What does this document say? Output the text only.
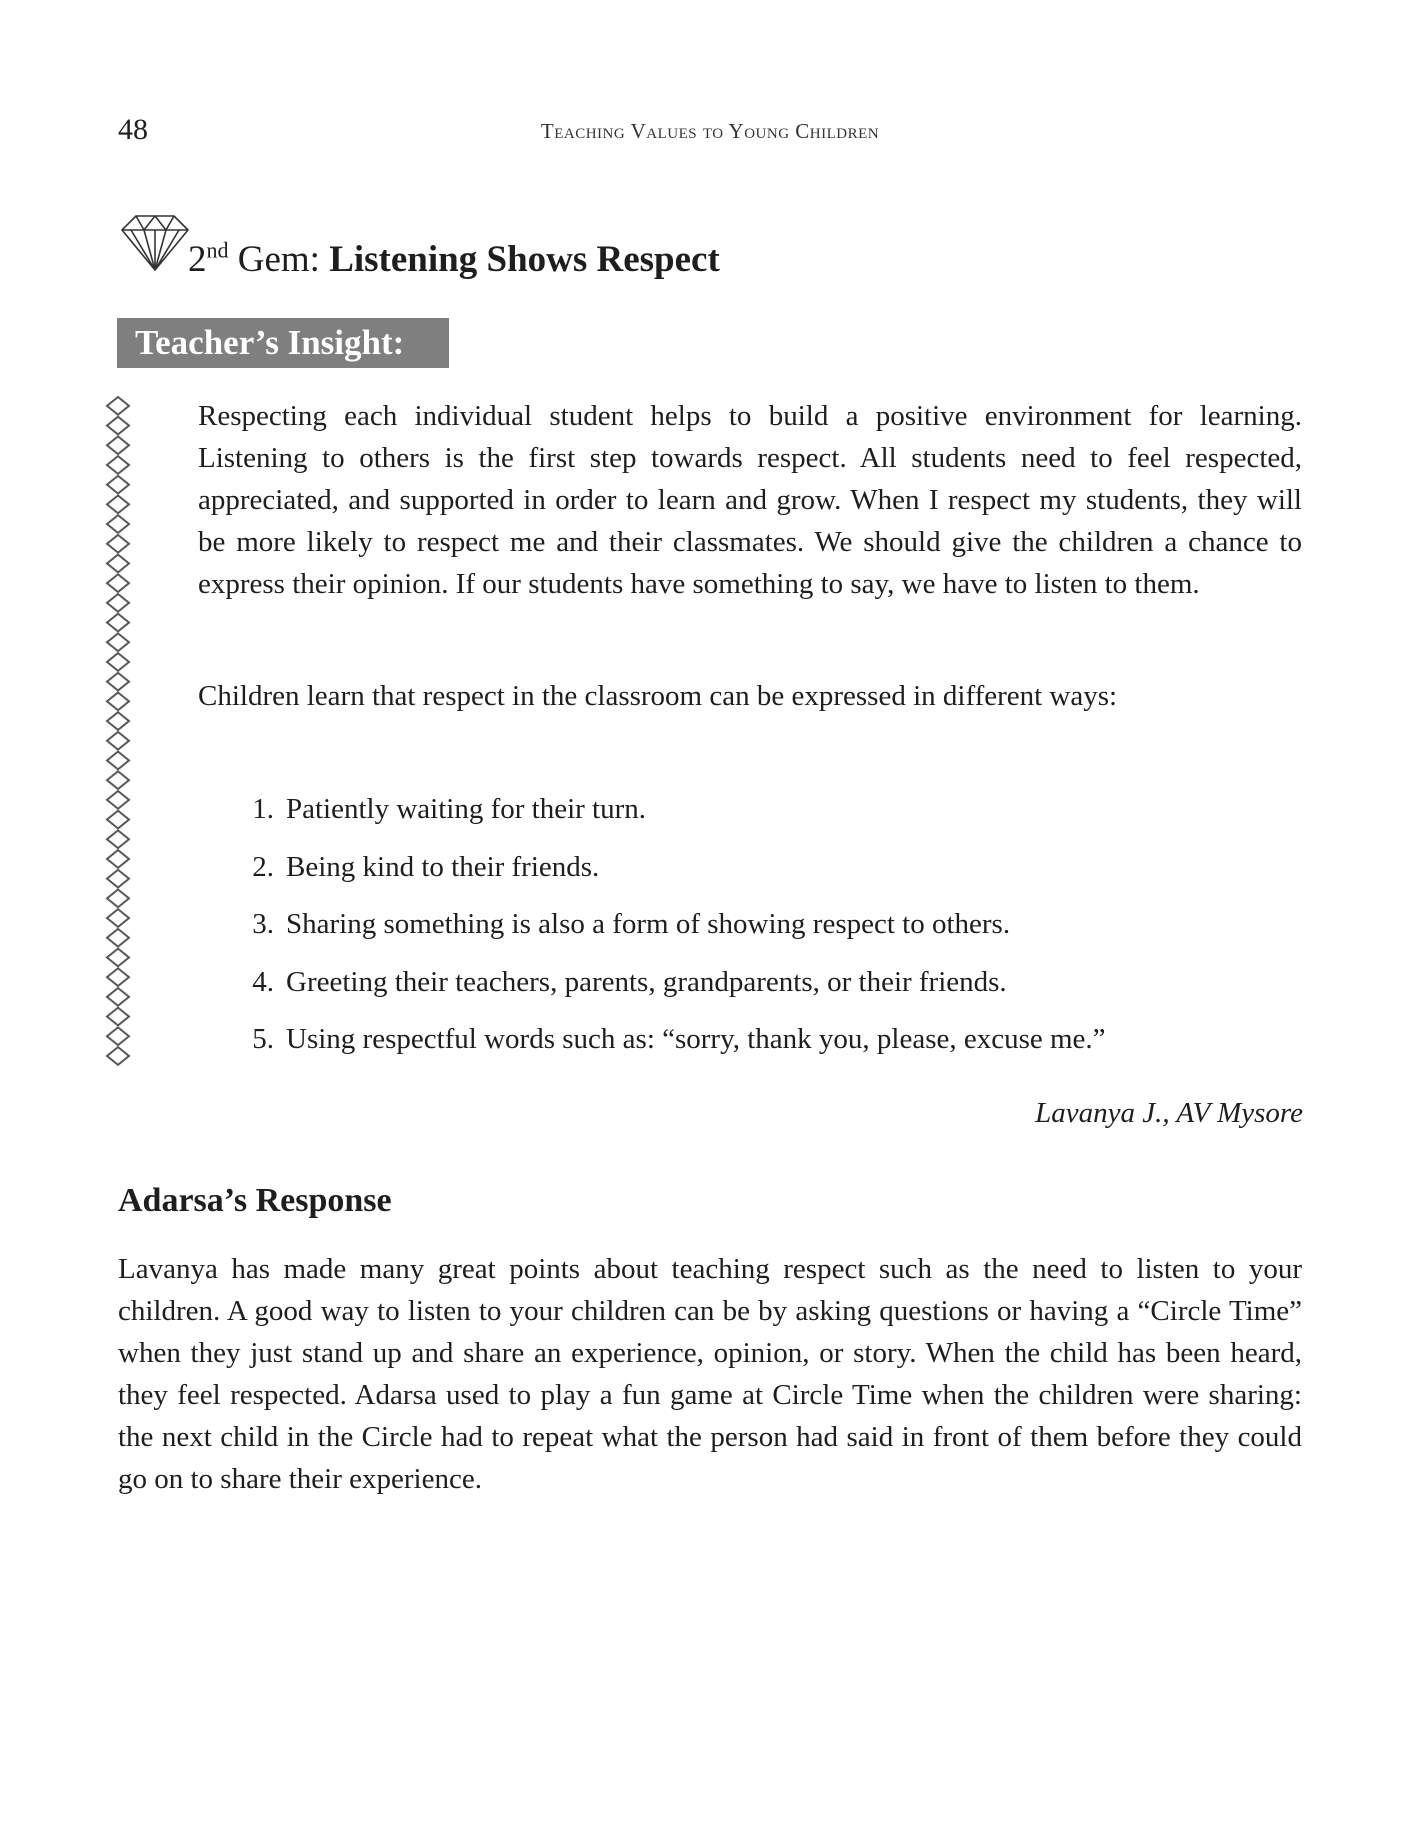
48	Teaching Values to Young Children
2nd Gem: Listening Shows Respect
Teacher’s Insight:

Respecting each individual student helps to build a positive environment for learning. Listening to others is the first step towards respect. All students need to feel respected, appreciated, and supported in order to learn and grow. When I respect my students, they will be more likely to respect me and their classmates. We should give the children a chance to express their opinion. If our students have something to say, we have to listen to them.

Children learn that respect in the classroom can be expressed in different ways:

1. Patiently waiting for their turn.
2. Being kind to their friends.
3. Sharing something is also a form of showing respect to others.
4. Greeting their teachers, parents, grandparents, or their friends.
5. Using respectful words such as: “sorry, thank you, please, excuse me.”
Lavanya J., AV Mysore
Adarsa’s Response

Lavanya has made many great points about teaching respect such as the need to listen to your children. A good way to listen to your children can be by asking questions or having a “Circle Time” when they just stand up and share an experience, opinion, or story. When the child has been heard, they feel respected. Adarsa used to play a fun game at Circle Time when the children were sharing: the next child in the Circle had to repeat what the person had said in front of them before they could go on to share their experience.
